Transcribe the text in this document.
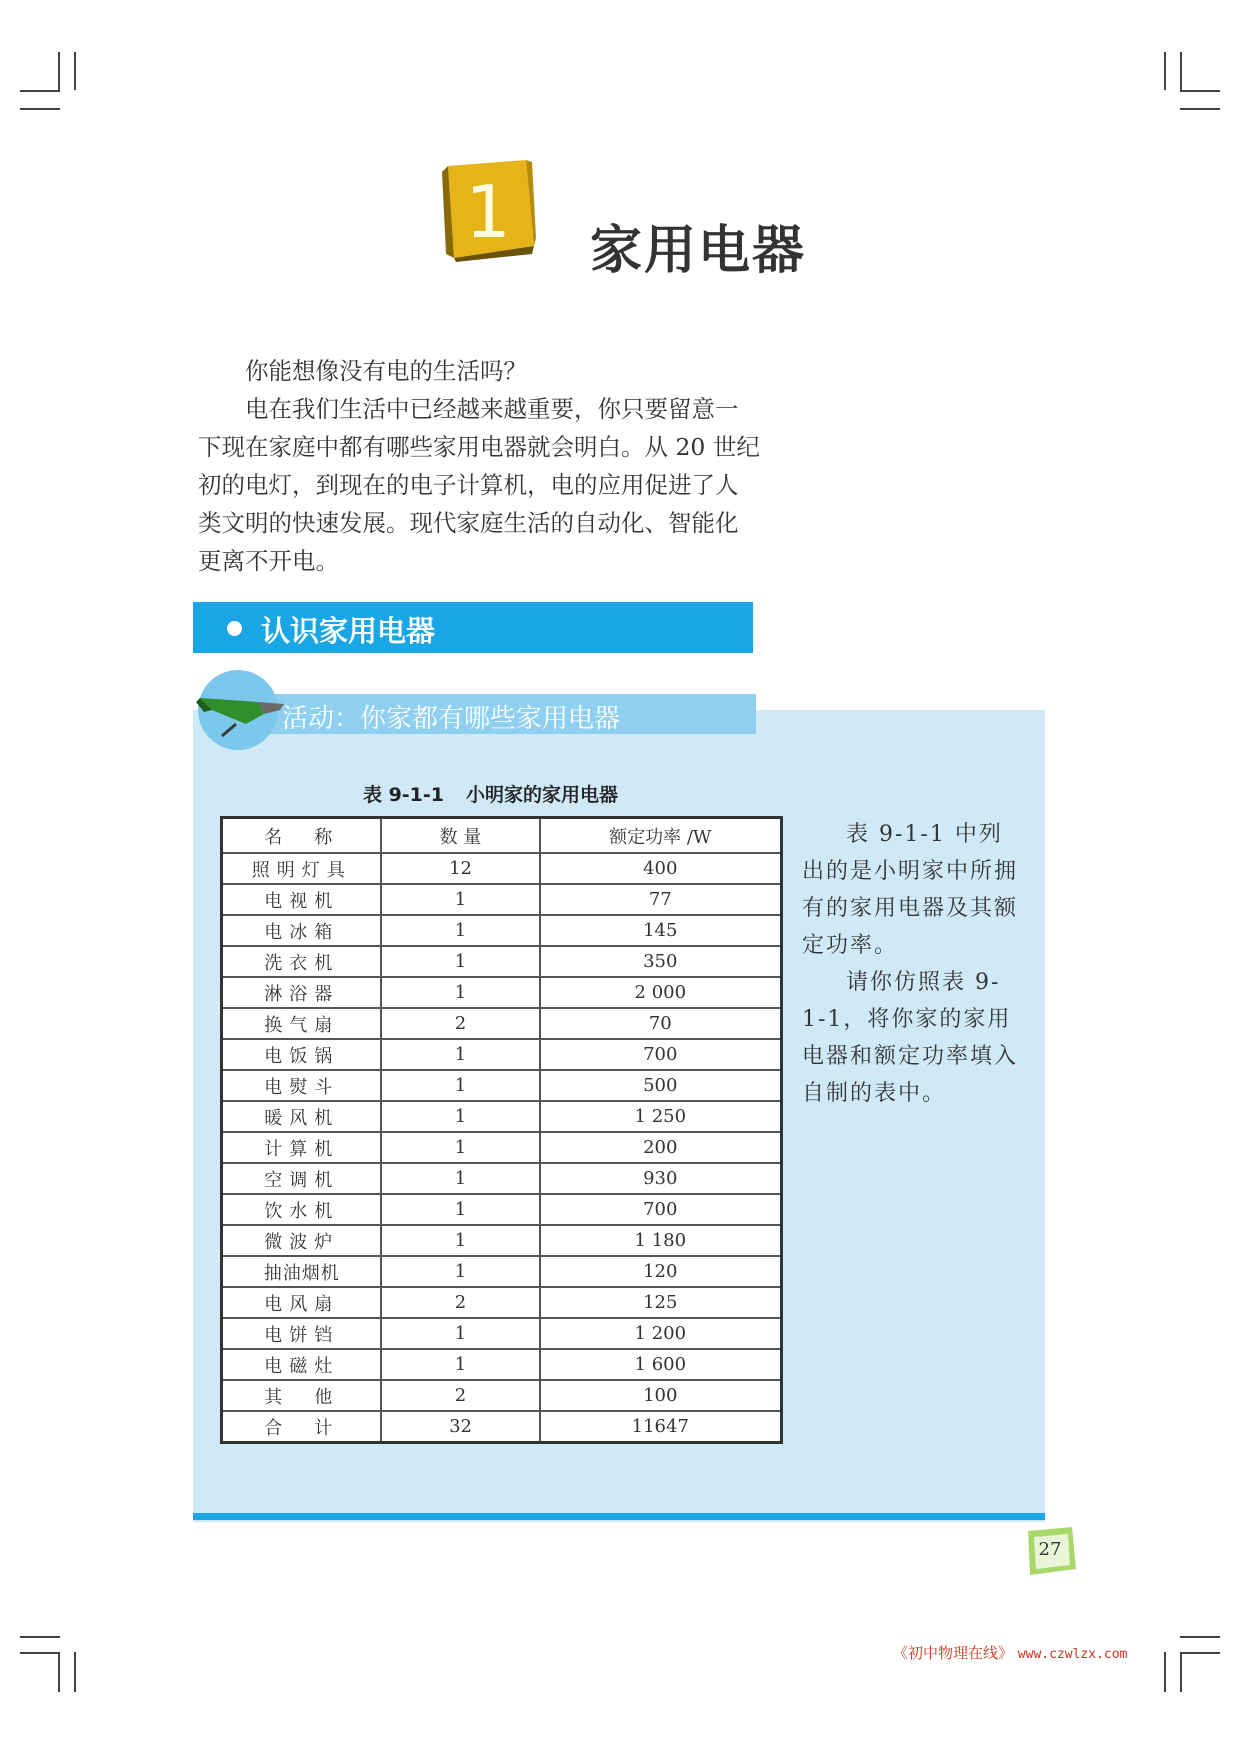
1 家用电器

你能想像没有电的生活吗？

电在我们生活中已经越来越重要，你只要留意一下现在家庭中都有哪些家用电器就会明白。从 20 世纪初的电灯，到现在的电子计算机，电的应用促进了人类文明的快速发展。现代家庭生活的自动化、智能化更离不开电。

认识家用电器
活动：你家都有哪些家用电器
表 9-1-1 小明家的家用电器
名　称	数 量	额定功率 /W
照明灯具	12	400
电视机	1	77
电冰箱	1	145
洗衣机	1	350
淋浴器	1	2 000
换气扇	2	70
电饭锅	1	700
电熨斗	1	500
暖风机	1	1 250
计算机	1	200
空调机	1	930
饮水机	1	700
微波炉	1	1 180
抽油烟机	1	120
电风扇	2	125
电饼铛	1	1 200
电磁灶	1	1 600
其　他	2	100
合　计	32	11647

表 9-1-1 中列出的是小明家中所拥有的家用电器及其额定功率。

请你仿照表 9-1-1，将你家的家用电器和额定功率填入自制的表中。

27
《初中物理在线》 www.czwlzx.com
